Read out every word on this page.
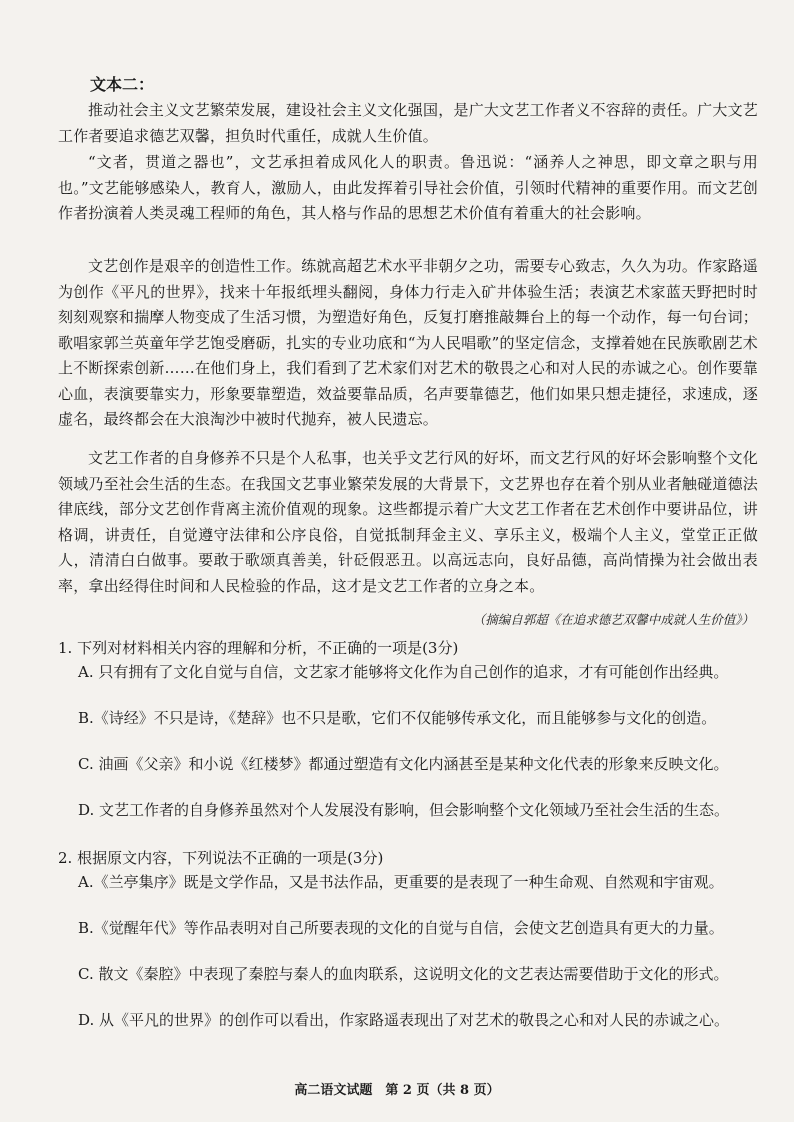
文本二：
推动社会主义文艺繁荣发展，建设社会主义文化强国，是广大文艺工作者义不容辞的责任。广大文艺工作者要追求德艺双馨，担负时代重任，成就人生价值。
“文者，贯道之器也”，文艺承担着成风化人的职责。鲁迅说：“涵养人之神思，即文章之职与用也。”文艺能够感染人，教育人，激励人，由此发挥着引导社会价值，引领时代精神的重要作用。而文艺创作者扮演着人类灵魂工程师的角色，其人格与作品的思想艺术价值有着重大的社会影响。
文艺创作是艰辛的创造性工作。练就高超艺术水平非朝夕之功，需要专心致志，久久为功。作家路遥为创作《平凡的世界》，找来十年报纸埋头翻阅，身体力行走入矿井体验生活；表演艺术家蓝天野把时时刻刻观察和揣摩人物变成了生活习惯，为塑造好角色，反复打磨推敲舞台上的每一个动作，每一句台词；歌唱家郭兰英童年学艺饱受磨砺，扎实的专业功底和“为人民唱歌”的坚定信念，支撑着她在民族歌剧艺术上不断探索创新……在他们身上，我们看到了艺术家们对艺术的敬畏之心和对人民的赤诚之心。创作要靠心血，表演要靠实力，形象要靠塑造，效益要靠品质，名声要靠德艺，他们如果只想走捷径，求速成，逐虚名，最终都会在大浪淘沙中被时代抛弃，被人民遗忘。
文艺工作者的自身修养不只是个人私事，也关乎文艺行风的好坏，而文艺行风的好坏会影响整个文化领域乃至社会生活的生态。在我国文艺事业繁荣发展的大背景下，文艺界也存在着个别从业者触碰道德法律底线，部分文艺创作背离主流价值观的现象。这些都提示着广大文艺工作者在艺术创作中要讲品位，讲格调，讲责任，自觉遵守法律和公序良俗，自觉抵制拜金主义、享乐主义，极端个人主义，堂堂正正做人，清清白白做事。要敢于歌颂真善美，针砭假恶丑。以高远志向，良好品德，高尚情操为社会做出表率，拿出经得住时间和人民检验的作品，这才是文艺工作者的立身之本。
（摘编自郭超《在追求德艺双馨中成就人生价值》）
1. 下列对材料相关内容的理解和分析，不正确的一项是(3分)
A. 只有拥有了文化自觉与自信，文艺家才能够将文化作为自己创作的追求，才有可能创作出经典。
B.《诗经》不只是诗，《楚辞》也不只是歌，它们不仅能够传承文化，而且能够参与文化的创造。
C. 油画《父亲》和小说《红楼梦》都通过塑造有文化内涵甚至是某种文化代表的形象来反映文化。
D. 文艺工作者的自身修养虽然对个人发展没有影响，但会影响整个文化领域乃至社会生活的生态。
2. 根据原文内容，下列说法不正确的一项是(3分)
A.《兰亭集序》既是文学作品，又是书法作品，更重要的是表现了一种生命观、自然观和宇宙观。
B.《觉醒年代》等作品表明对自己所要表现的文化的自觉与自信，会使文艺创造具有更大的力量。
C. 散文《秦腔》中表现了秦腔与秦人的血肉联系，这说明文化的文艺表达需要借助于文化的形式。
D. 从《平凡的世界》的创作可以看出，作家路遥表现出了对艺术的敬畏之心和对人民的赤诚之心。
高二语文试题　第 2 页（共 8 页）
